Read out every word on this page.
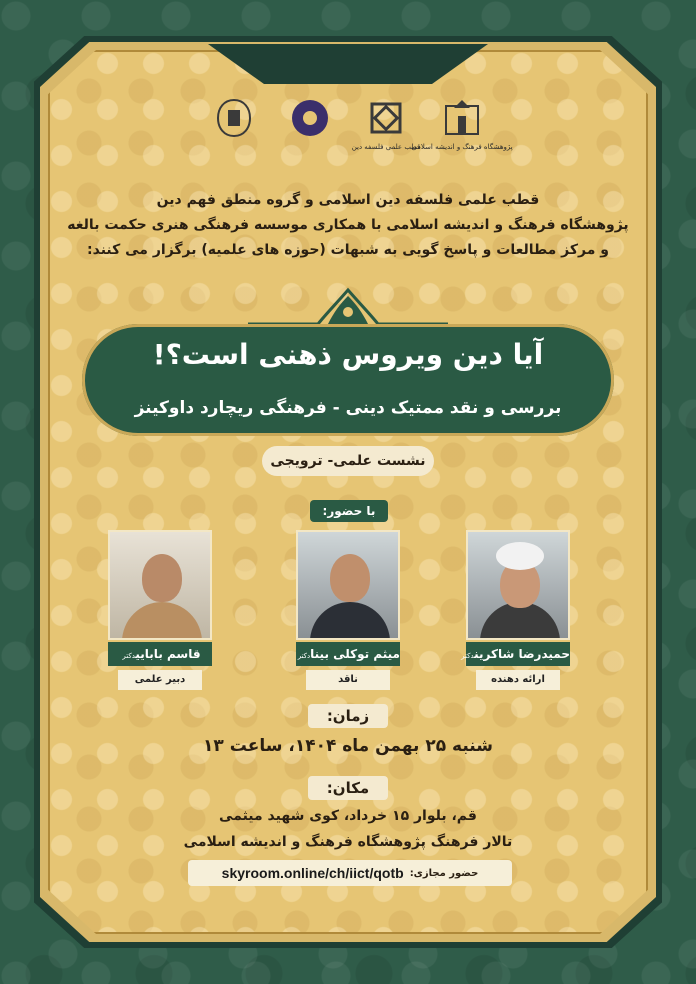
پژوهشگاه فرهنگ و اندیشه اسلامی
قطب علمی فلسفه دین

قطب علمی فلسفه دین اسلامی و گروه منطق فهم دین

پژوهشگاه فرهنگ و اندیشه اسلامی با همکاری موسسه فرهنگی هنری حکمت بالغه

و مرکز مطالعات و پاسخ گویی به شبهات (حوزه های علمیه) برگزار می کنند:

آیا دین ویروس ذهنی است؟!
بررسی و نقد ممتیک دینی - فرهنگی ریچارد داوکینز
نشست علمی- ترویجی
با حضور:
حمیدرضا شاکریندکتر
ارائه دهنده
میثم توکلی بینادکتر
ناقد
قاسم باباییدکتر
دبیر علمی
زمان:
شنبه ۲۵ بهمن ماه ۱۴۰۴، ساعت ۱۳
مکان:
قم، بلوار ۱۵ خرداد، کوی شهید میثمی
تالار فرهنگ پژوهشگاه فرهنگ و اندیشه اسلامی
حضور مجازی:
skyroom.online/ch/iict/qotb
